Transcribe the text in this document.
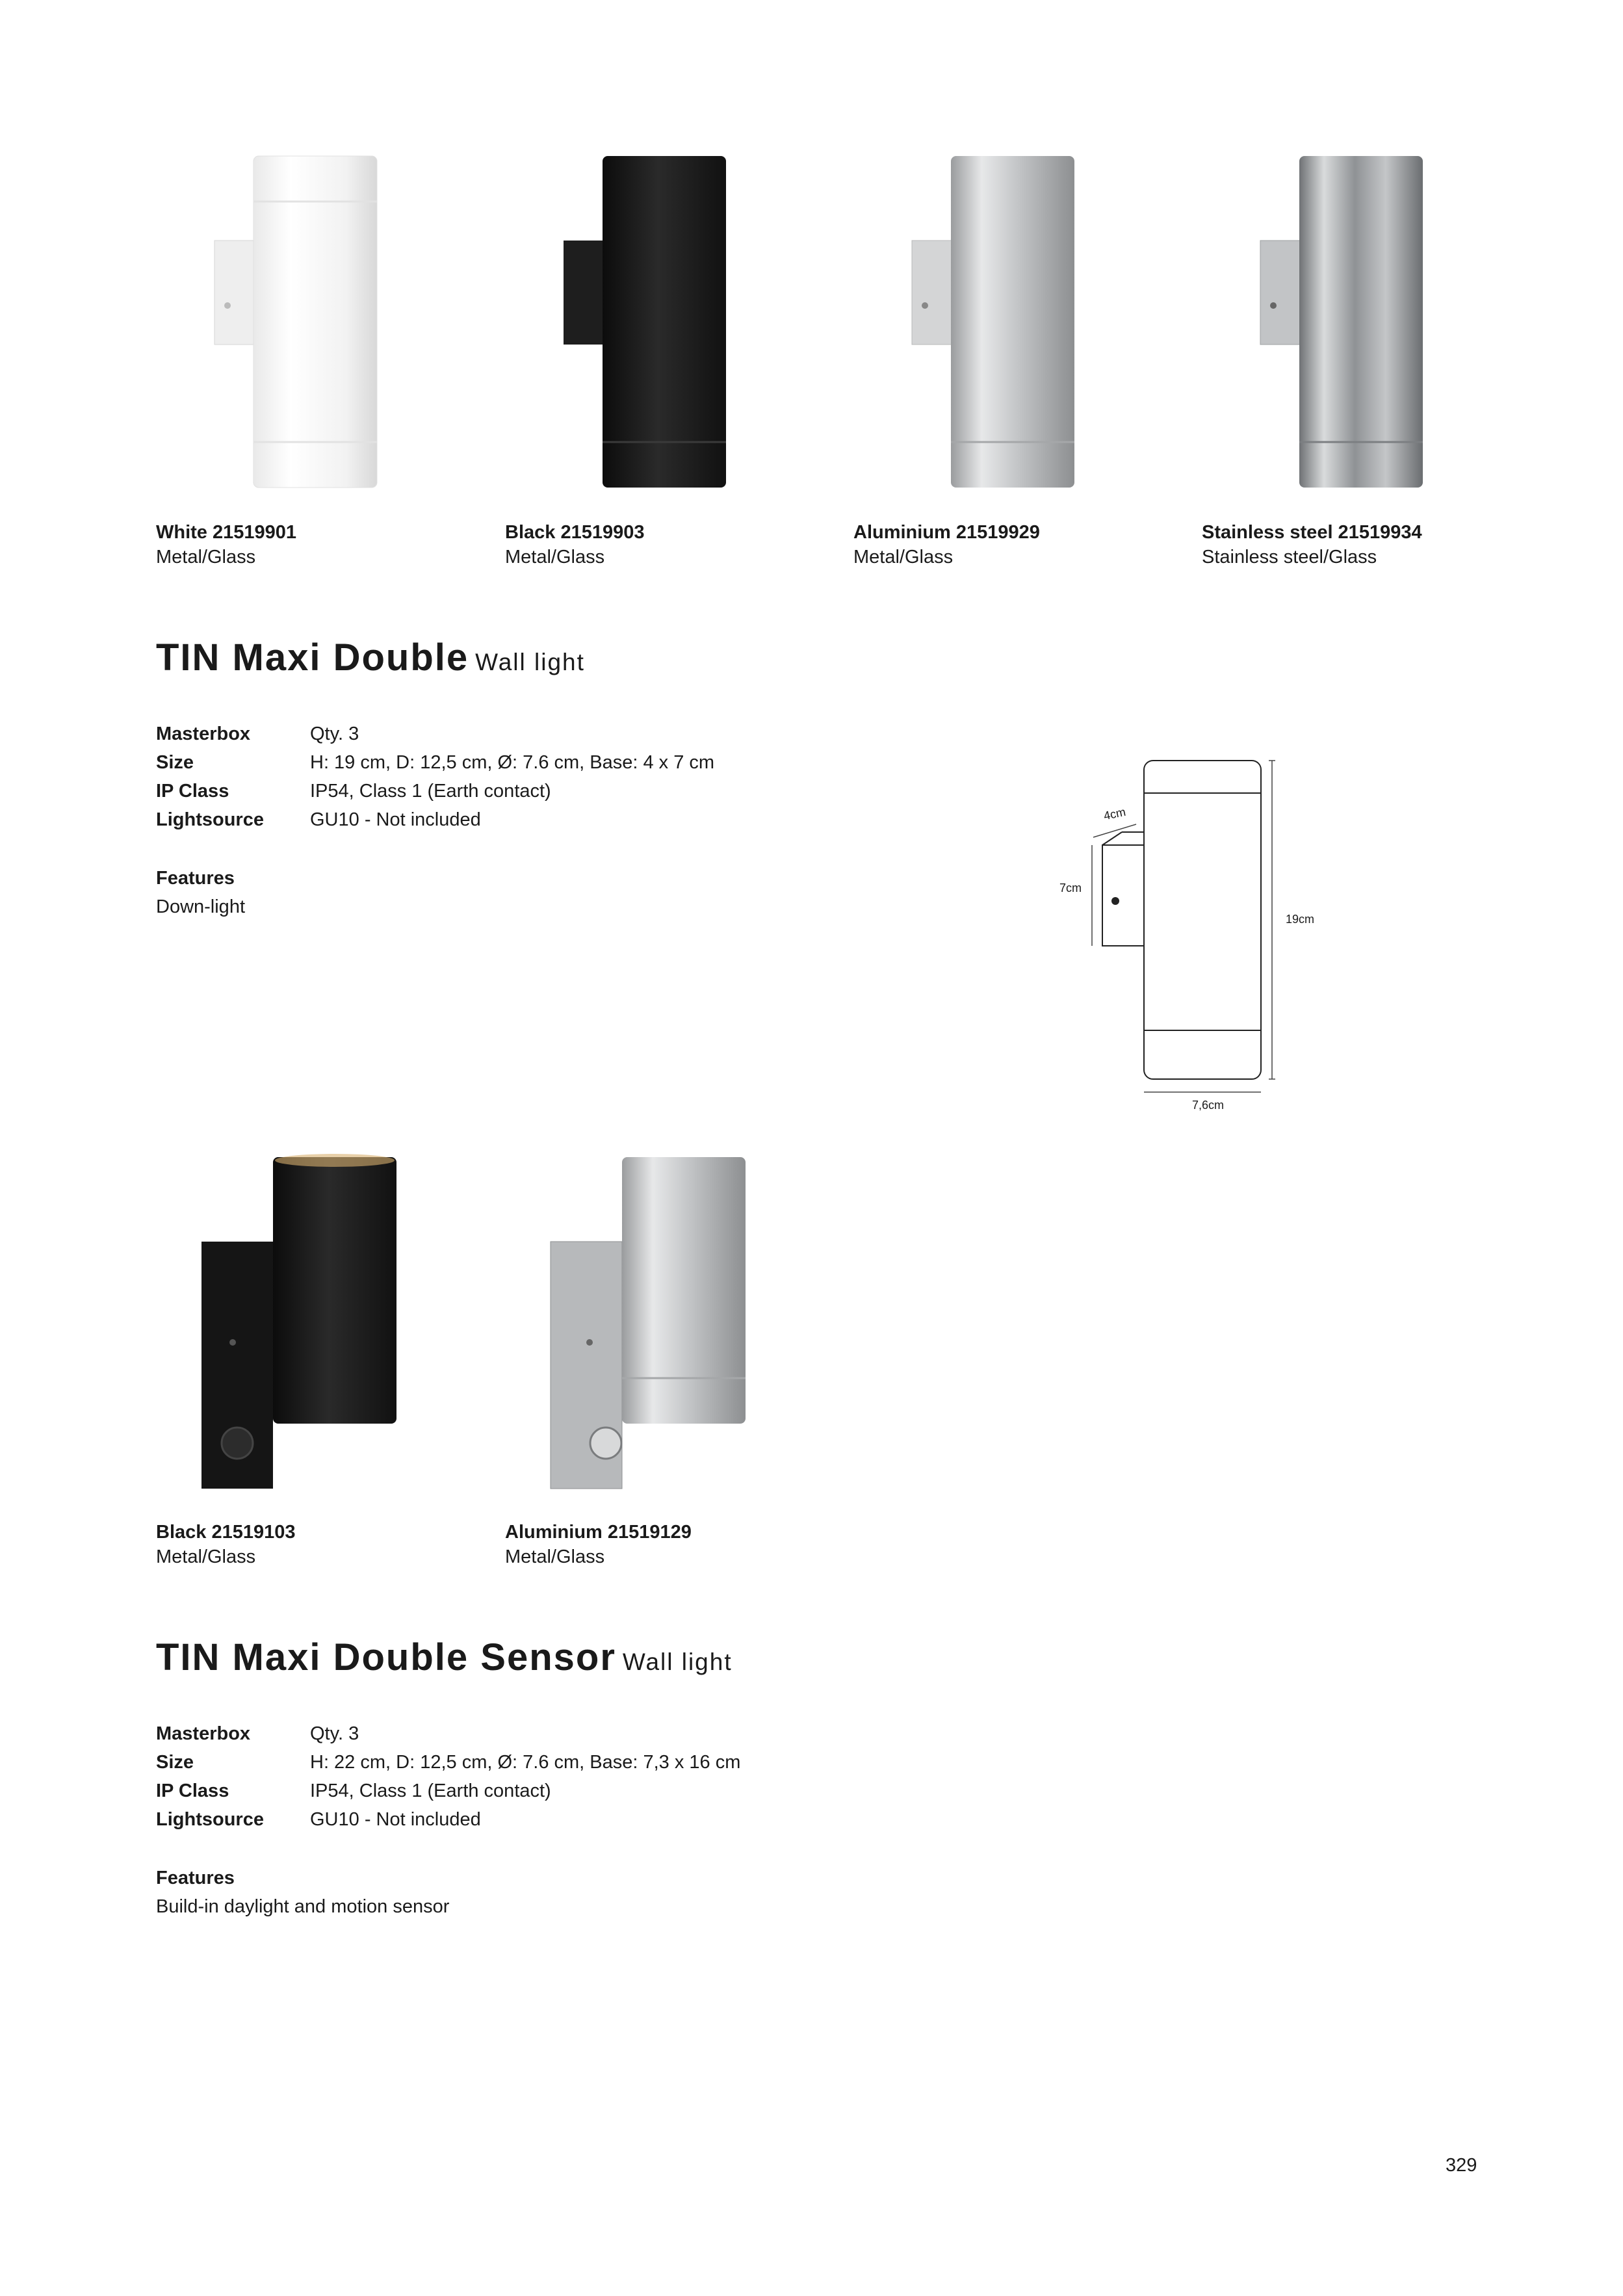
White 21519901
Metal/Glass
Black 21519903
Metal/Glass
Aluminium 21519929
Metal/Glass
Stainless steel 21519934
Stainless steel/Glass
TIN Maxi Double Wall light
Masterbox	Qty. 3
Size	H: 19 cm, D: 12,5 cm, Ø: 7.6 cm, Base: 4 x 7 cm
IP Class	IP54, Class 1 (Earth contact)
Lightsource GU10 - Not included
Features
Down-light
4cm
7cm
19cm
7,6cm
Black 21519103
Metal/Glass
Aluminium 21519129
Metal/Glass
TIN Maxi Double Sensor Wall light
Masterbox	Qty. 3
Size	H: 22 cm, D: 12,5 cm, Ø: 7.6 cm, Base: 7,3 x 16 cm
IP Class	IP54, Class 1 (Earth contact)
Lightsource GU10 - Not included
Features
Build-in daylight and motion sensor
329
